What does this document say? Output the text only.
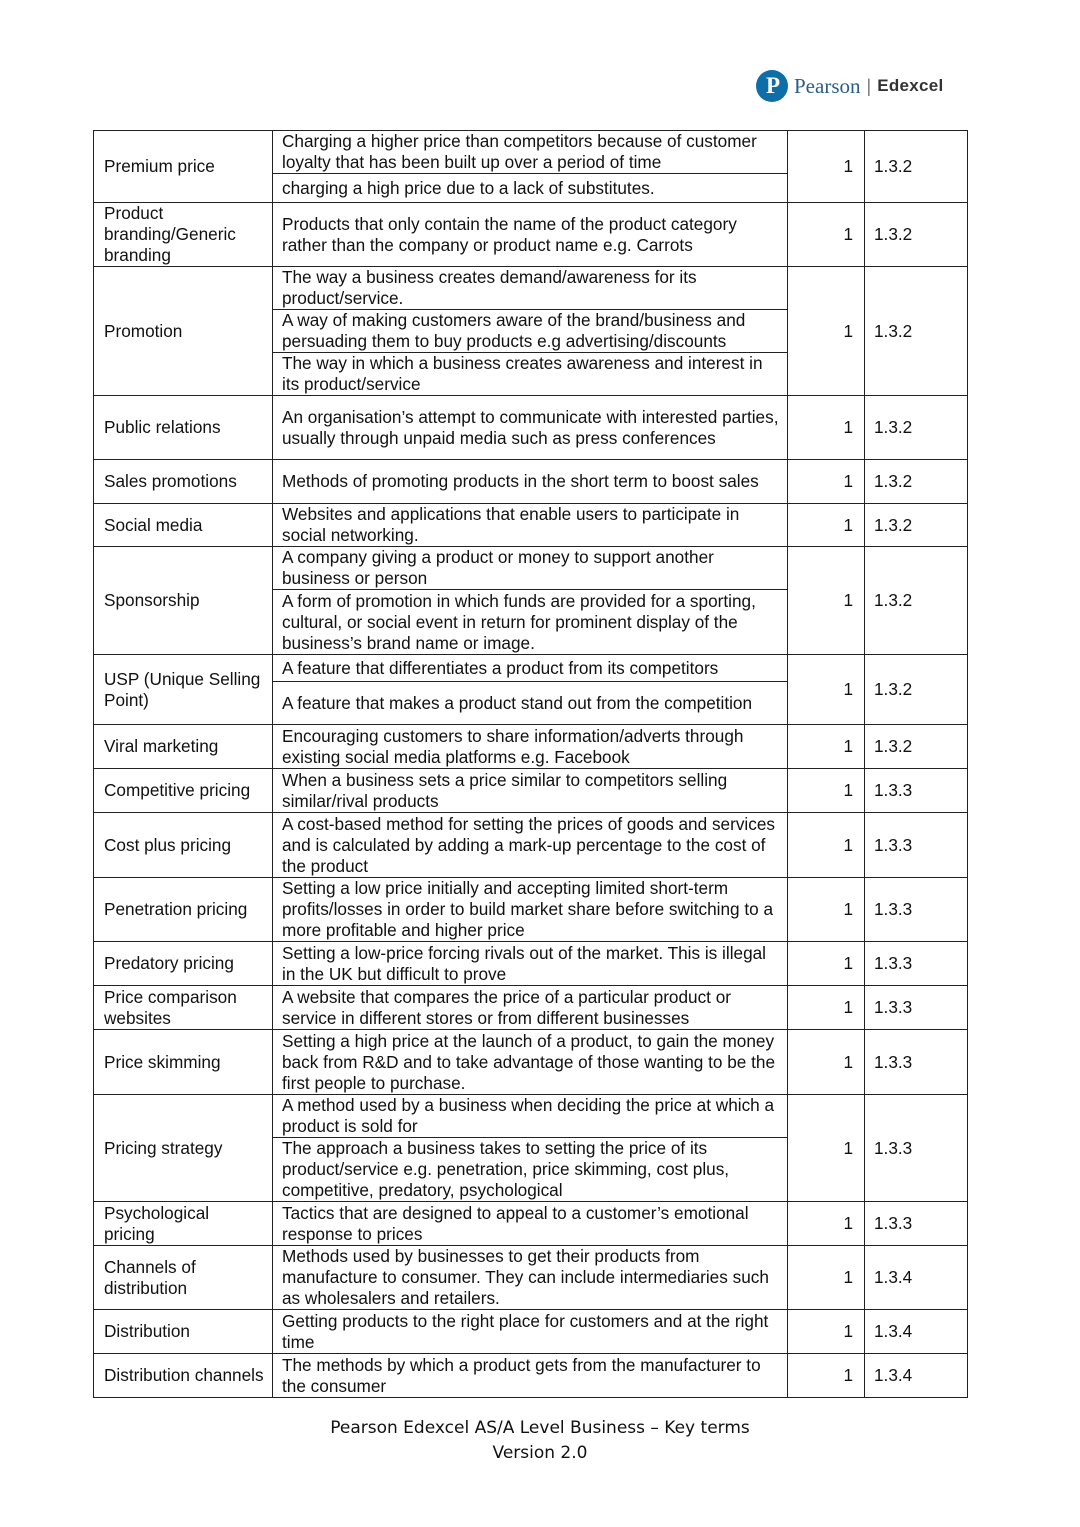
P Pearson | Edexcel
Premium price	Charging a higher price than competitors because of customer loyalty that has been built up over a period of time
charging a high price due to a lack of substitutes.	1	1.3.2
Product branding/Generic branding	Products that only contain the name of the product category rather than the company or product name e.g. Carrots	1	1.3.2
Promotion	The way a business creates demand/awareness for its product/service.
A way of making customers aware of the brand/business and persuading them to buy products e.g advertising/discounts
The way in which a business creates awareness and interest in its product/service	1	1.3.2
Public relations	An organisation’s attempt to communicate with interested parties, usually through unpaid media such as press conferences	1	1.3.2
Sales promotions	Methods of promoting products in the short term to boost sales	1	1.3.2
Social media	Websites and applications that enable users to participate in social networking.	1	1.3.2
Sponsorship	A company giving a product or money to support another business or person
A form of promotion in which funds are provided for a sporting, cultural, or social event in return for prominent display of the business’s brand name or image.	1	1.3.2
USP (Unique Selling Point)	A feature that differentiates a product from its competitors
A feature that makes a product stand out from the competition	1	1.3.2
Viral marketing	Encouraging customers to share information/adverts through existing social media platforms e.g. Facebook	1	1.3.2
Competitive pricing	When a business sets a price similar to competitors selling similar/rival products	1	1.3.3
Cost plus pricing	A cost-based method for setting the prices of goods and services and is calculated by adding a mark-up percentage to the cost of the product	1	1.3.3
Penetration pricing	Setting a low price initially and accepting limited short-term profits/losses in order to build market share before switching to a more profitable and higher price	1	1.3.3
Predatory pricing	Setting a low-price forcing rivals out of the market. This is illegal in the UK but difficult to prove	1	1.3.3
Price comparison websites	A website that compares the price of a particular product or service in different stores or from different businesses	1	1.3.3
Price skimming	Setting a high price at the launch of a product, to gain the money back from R&D and to take advantage of those wanting to be the first people to purchase.	1	1.3.3
Pricing strategy	A method used by a business when deciding the price at which a product is sold for
The approach a business takes to setting the price of its product/service e.g. penetration, price skimming, cost plus, competitive, predatory, psychological	1	1.3.3
Psychological pricing	Tactics that are designed to appeal to a customer’s emotional response to prices	1	1.3.3
Channels of distribution	Methods used by businesses to get their products from manufacture to consumer. They can include intermediaries such as wholesalers and retailers.	1	1.3.4
Distribution	Getting products to the right place for customers and at the right time	1	1.3.4
Distribution channels	The methods by which a product gets from the manufacturer to the consumer	1	1.3.4
Pearson Edexcel AS/A Level Business – Key terms
Version 2.0
